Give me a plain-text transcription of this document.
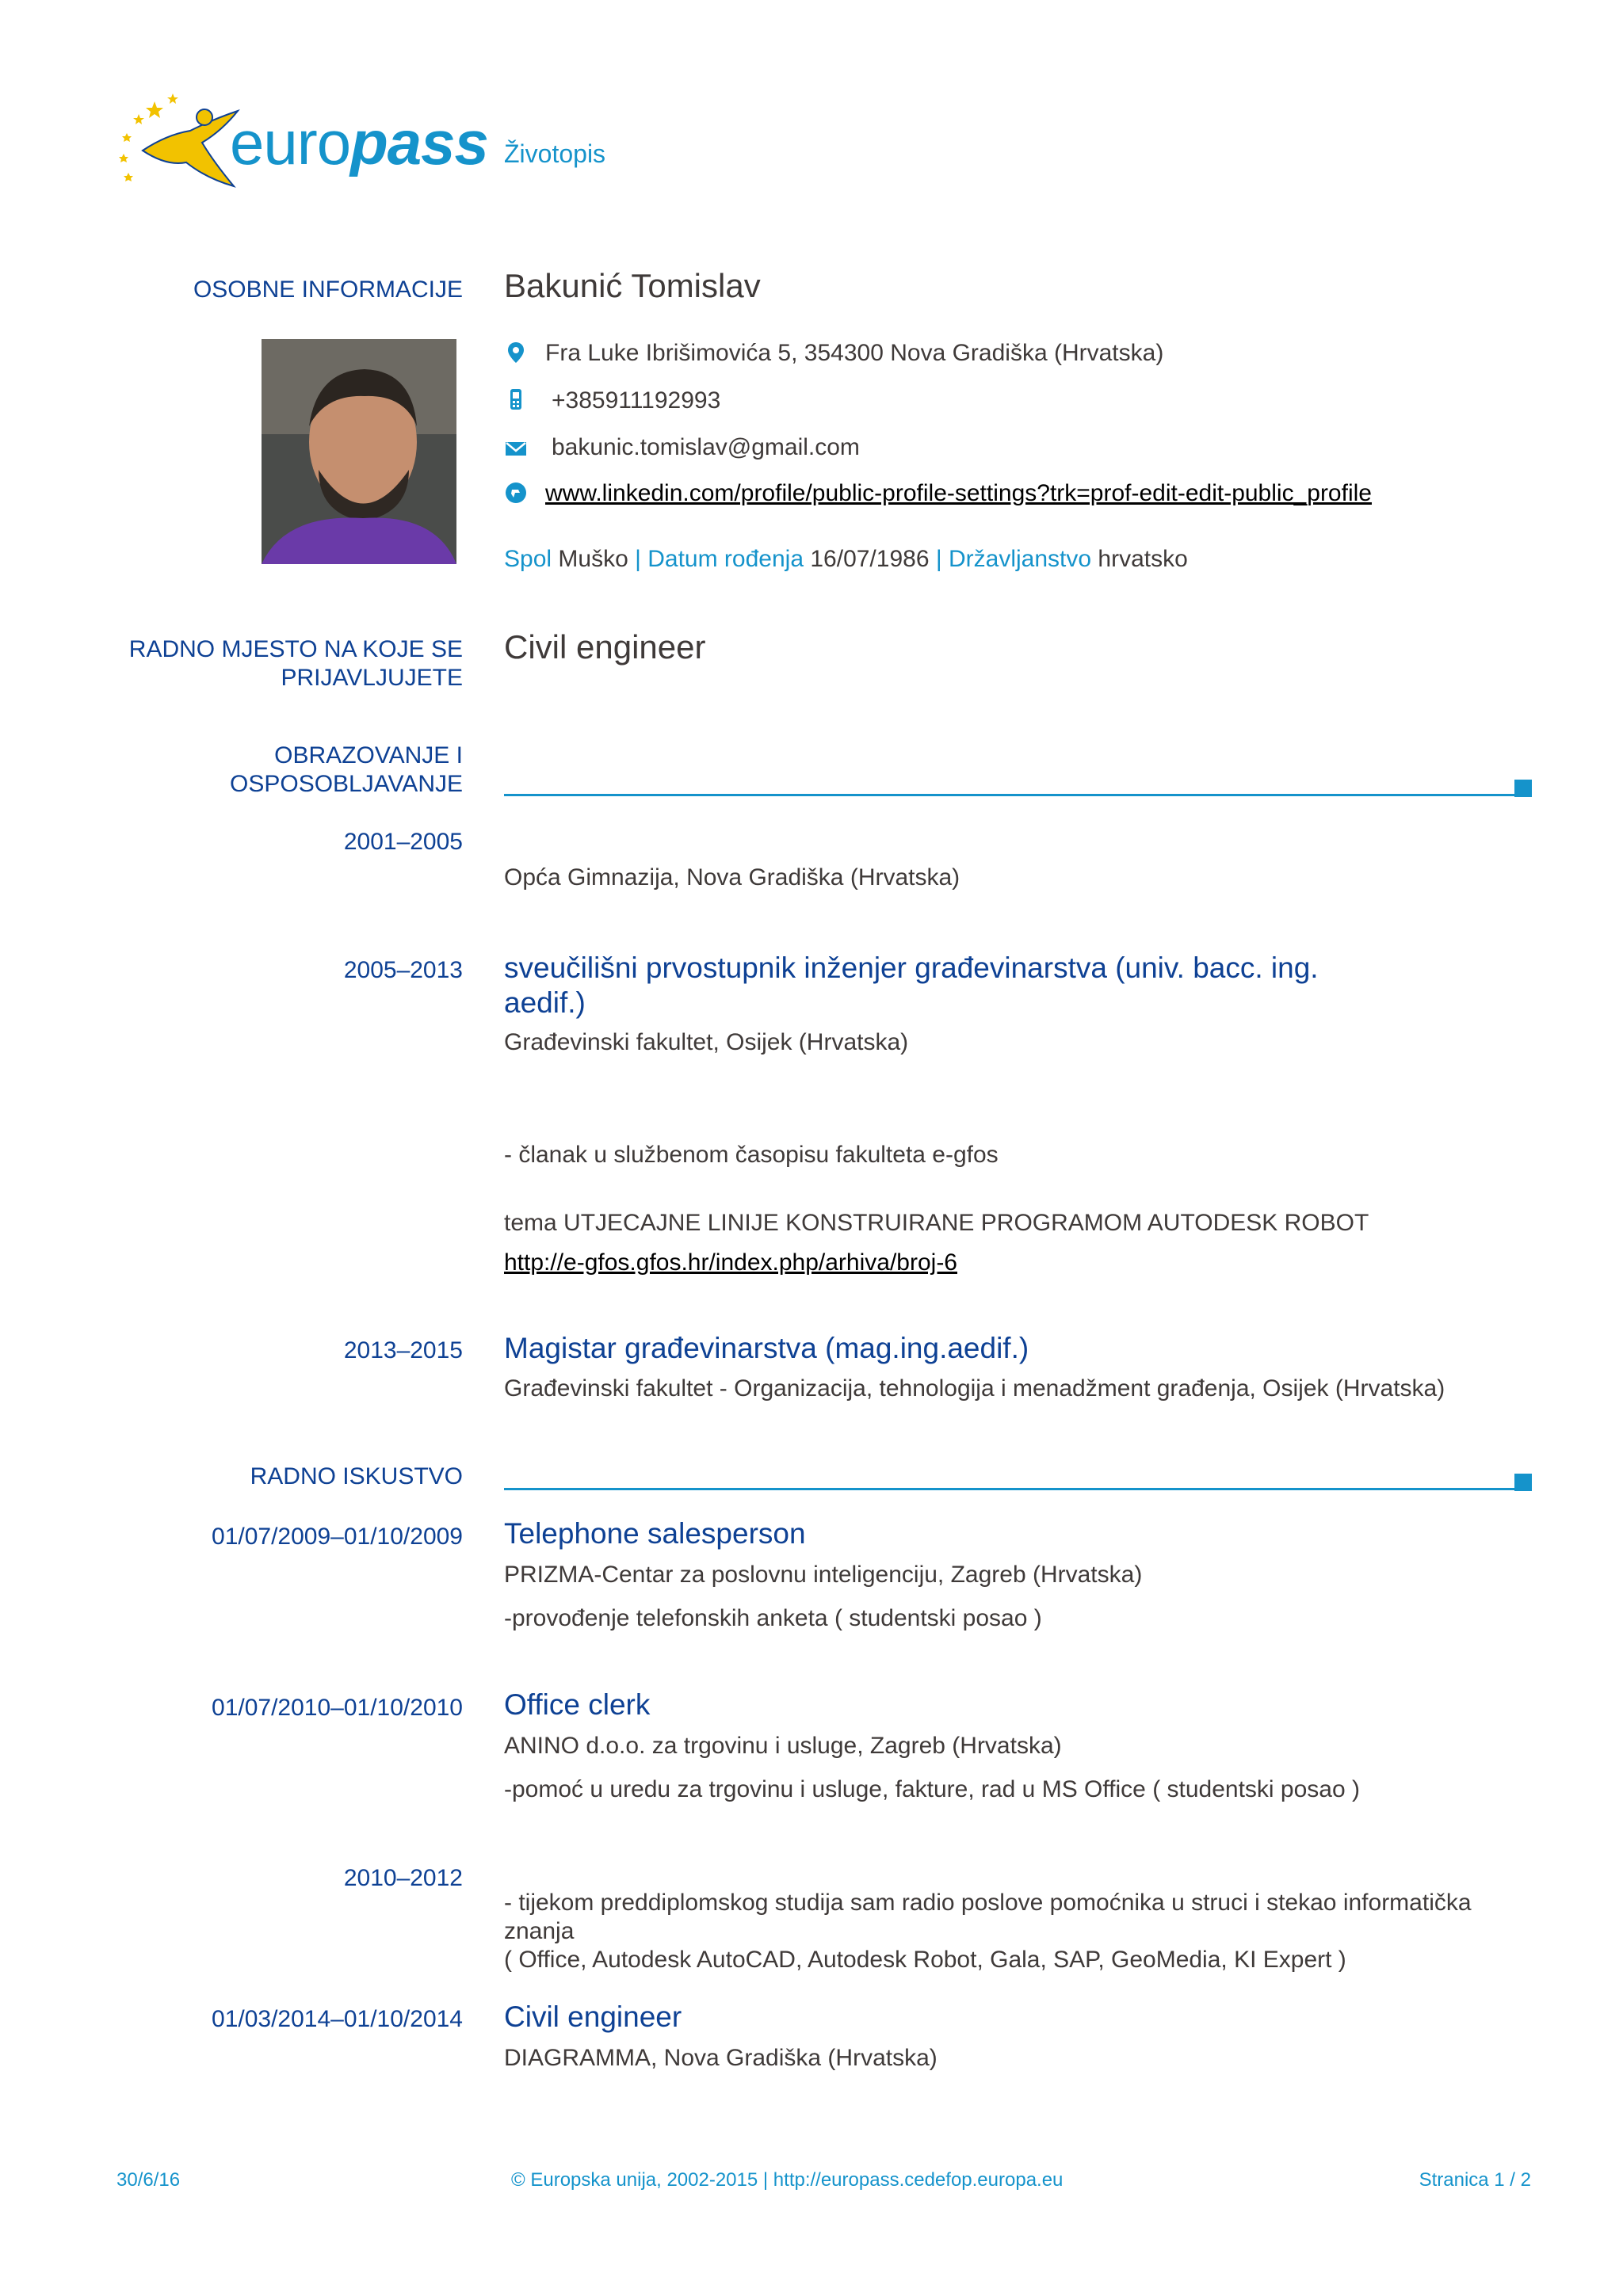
europass Životopis
OSOBNE INFORMACIJE Bakunić Tomislav
Fra Luke Ibrišimovića 5, 354300 Nova Gradiška (Hrvatska)
+385911192993
bakunic.tomislav@gmail.com
www.linkedin.com/profile/public-profile-settings?trk=prof-edit-edit-public_profile
Spol Muško | Datum rođenja 16/07/1986 | Državljanstvo hrvatsko
RADNO MJESTO NA KOJE SE
PRIJAVLJUJETE
Civil engineer
OBRAZOVANJE I
OSPOSOBLJAVANJE
2001–2005
Opća Gimnazija, Nova Gradiška (Hrvatska)
2005–2013 sveučilišni prvostupnik inženjer građevinarstva (univ. bacc. ing.
aedif.)
Građevinski fakultet, Osijek (Hrvatska)
- članak u službenom časopisu fakulteta e-gfos
tema UTJECAJNE LINIJE KONSTRUIRANE PROGRAMOM AUTODESK ROBOT
http://e-gfos.gfos.hr/index.php/arhiva/broj-6
2013–2015 Magistar građevinarstva (mag.ing.aedif.)
Građevinski fakultet - Organizacija, tehnologija i menadžment građenja, Osijek (Hrvatska)
RADNO ISKUSTVO
01/07/2009–01/10/2009 Telephone salesperson
PRIZMA-Centar za poslovnu inteligenciju, Zagreb (Hrvatska)
-provođenje telefonskih anketa ( studentski posao )
01/07/2010–01/10/2010 Office clerk
ANINO d.o.o. za trgovinu i usluge, Zagreb (Hrvatska)
-pomoć u uredu za trgovinu i usluge, fakture, rad u MS Office ( studentski posao )
2010–2012
- tijekom preddiplomskog studija sam radio poslove pomoćnika u struci i stekao informatička znanja
( Office, Autodesk AutoCAD, Autodesk Robot, Gala, SAP, GeoMedia, KI Expert )
01/03/2014–01/10/2014 Civil engineer
DIAGRAMMA, Nova Gradiška (Hrvatska)
30/6/16	© Europska unija, 2002-2015 | http://europass.cedefop.europa.eu	Stranica 1 / 2
